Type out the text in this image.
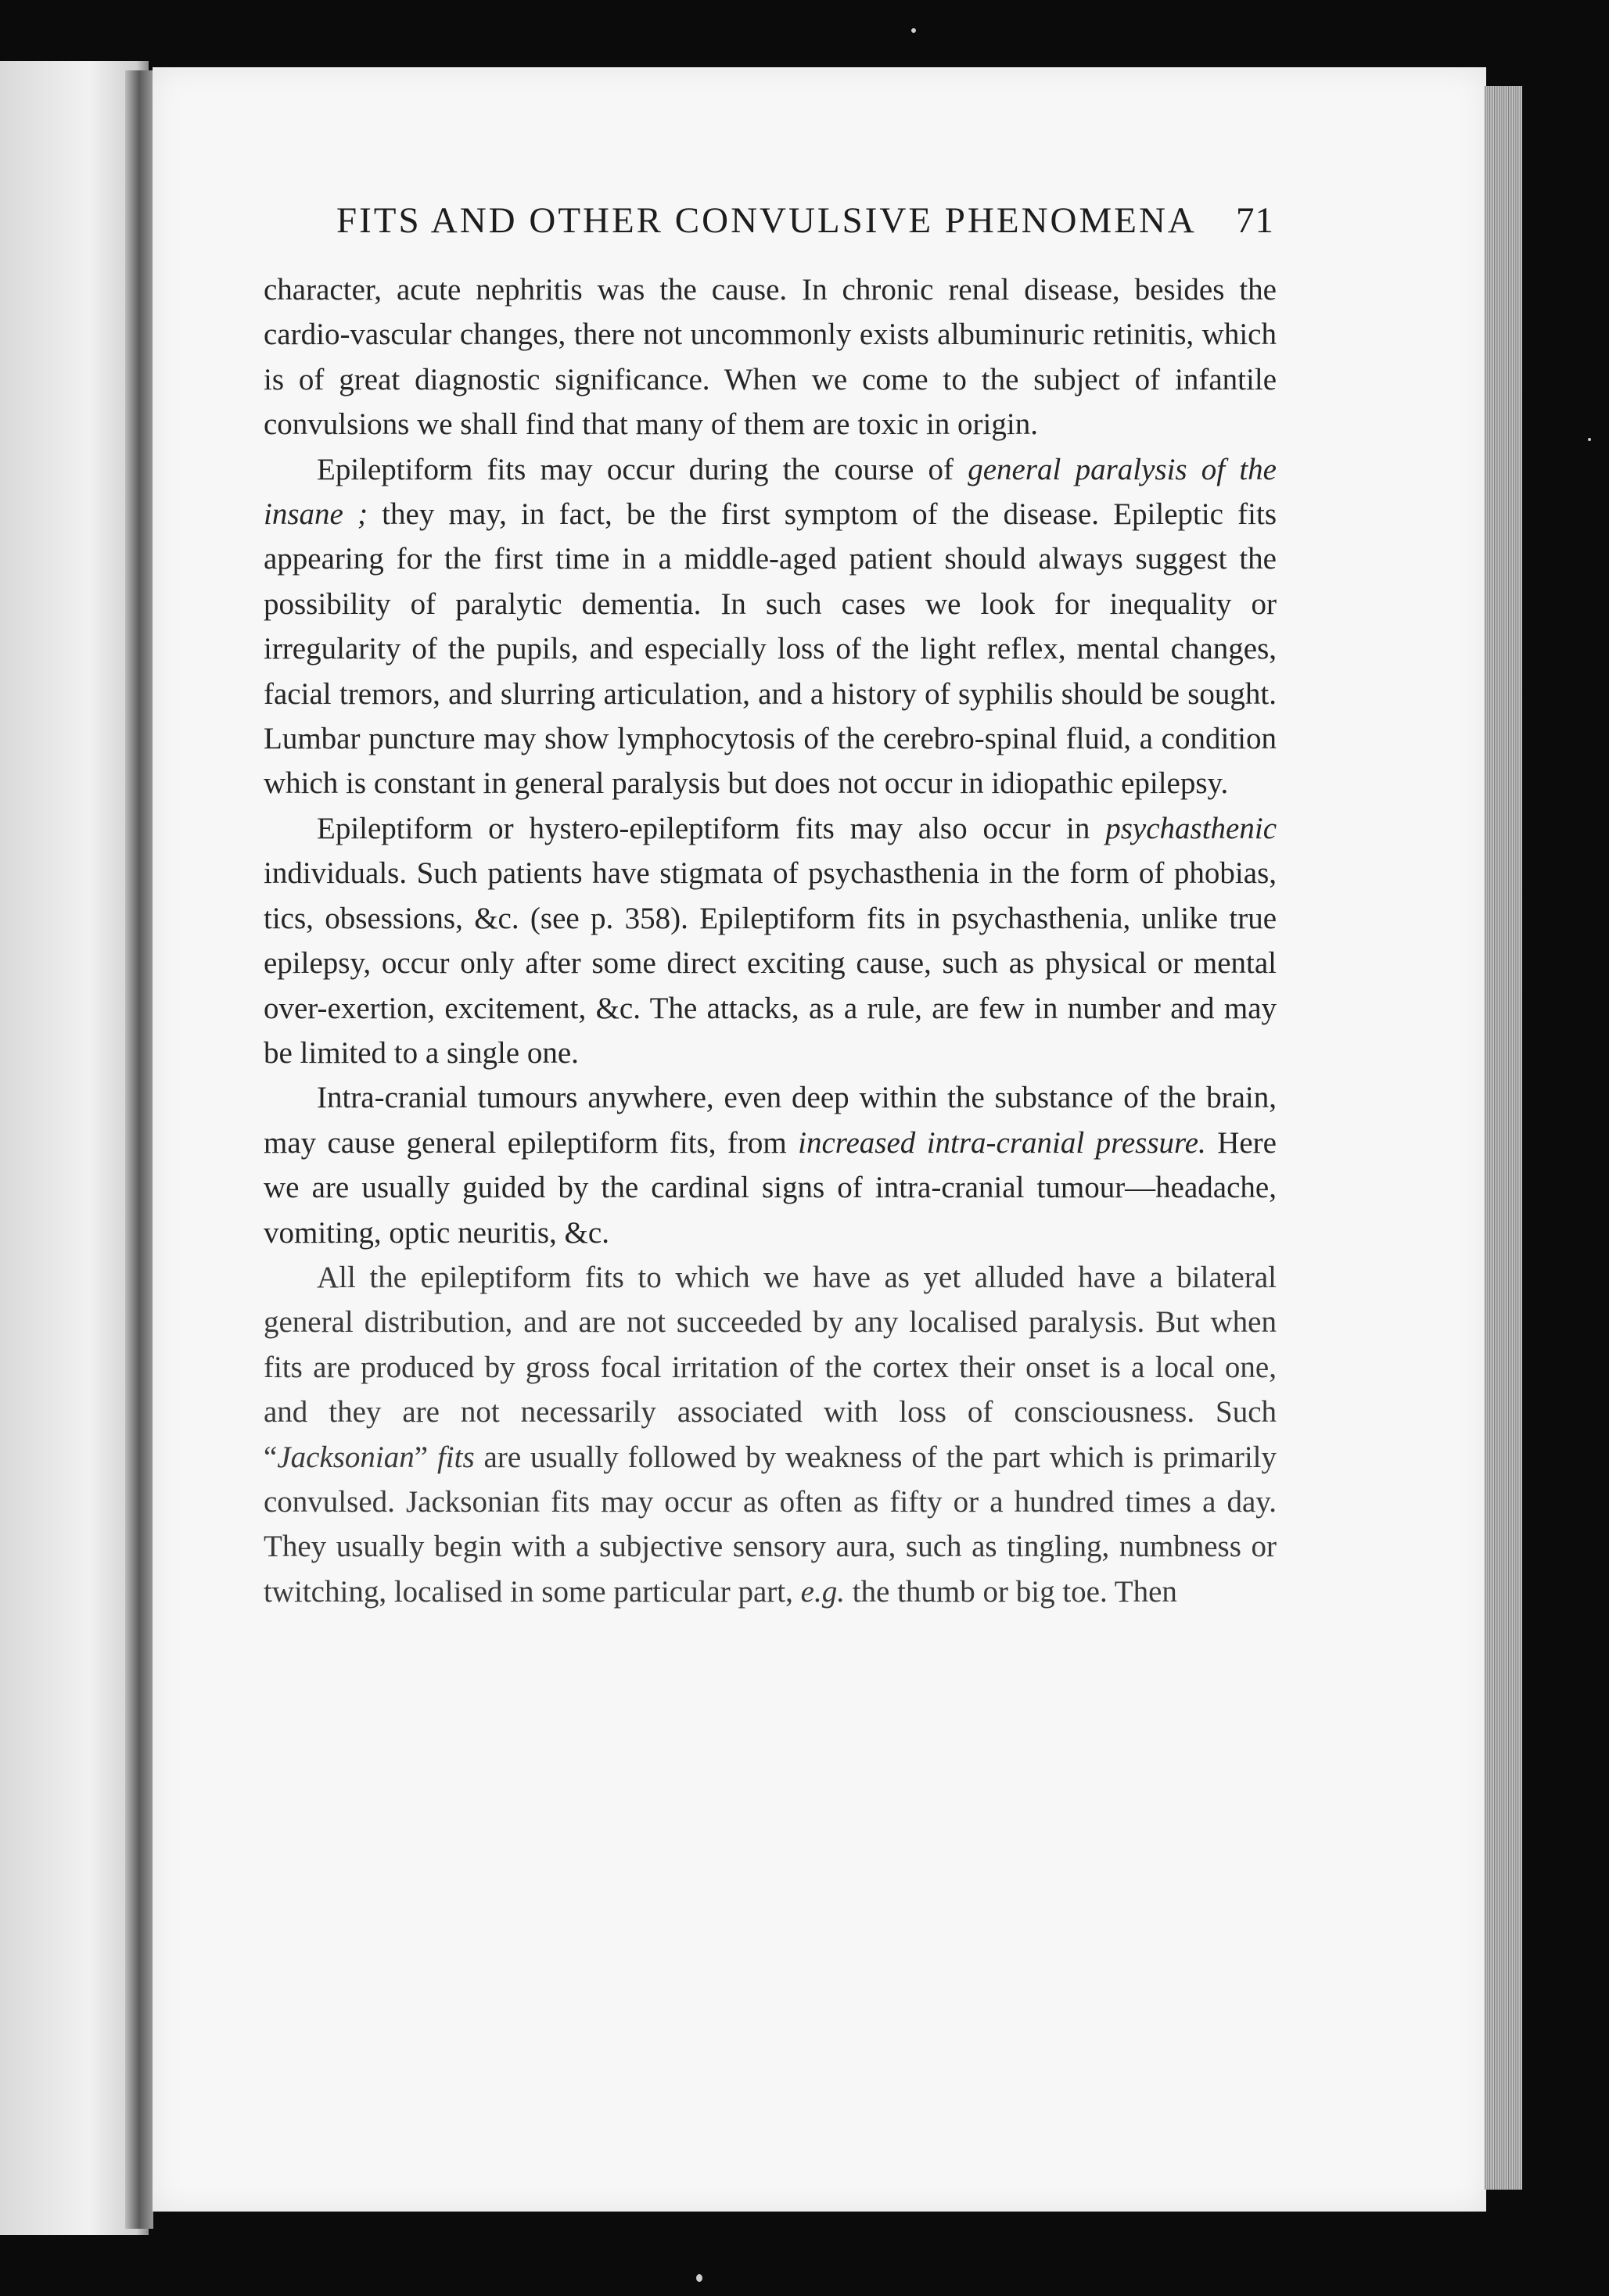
FITS AND OTHER CONVULSIVE PHENOMENA 71

character, acute nephritis was the cause. In chronic renal disease, besides the cardio-vascular changes, there not uncommonly exists albuminuric retinitis, which is of great diagnostic significance. When we come to the subject of infantile convulsions we shall find that many of them are toxic in origin.

Epileptiform fits may occur during the course of general paralysis of the insane ; they may, in fact, be the first symptom of the disease. Epileptic fits appearing for the first time in a middle-aged patient should always suggest the possibility of paralytic dementia. In such cases we look for inequality or irregularity of the pupils, and especially loss of the light reflex, mental changes, facial tremors, and slurring articulation, and a history of syphilis should be sought. Lumbar puncture may show lymphocytosis of the cerebro-spinal fluid, a condition which is constant in general paralysis but does not occur in idiopathic epilepsy.

Epileptiform or hystero-epileptiform fits may also occur in psychasthenic individuals. Such patients have stigmata of psychasthenia in the form of phobias, tics, obsessions, &c. (see p. 358). Epileptiform fits in psychasthenia, unlike true epilepsy, occur only after some direct exciting cause, such as physical or mental over-exertion, excitement, &c. The attacks, as a rule, are few in number and may be limited to a single one.

Intra-cranial tumours anywhere, even deep within the substance of the brain, may cause general epileptiform fits, from increased intra-cranial pressure. Here we are usually guided by the cardinal signs of intra-cranial tumour—headache, vomiting, optic neuritis, &c.

All the epileptiform fits to which we have as yet alluded have a bilateral general distribution, and are not succeeded by any localised paralysis. But when fits are produced by gross focal irritation of the cortex their onset is a local one, and they are not necessarily associated with loss of consciousness. Such “Jacksonian” fits are usually followed by weakness of the part which is primarily convulsed. Jacksonian fits may occur as often as fifty or a hundred times a day. They usually begin with a subjective sensory aura, such as tingling, numbness or twitching, localised in some particular part, e.g. the thumb or big toe. Then
